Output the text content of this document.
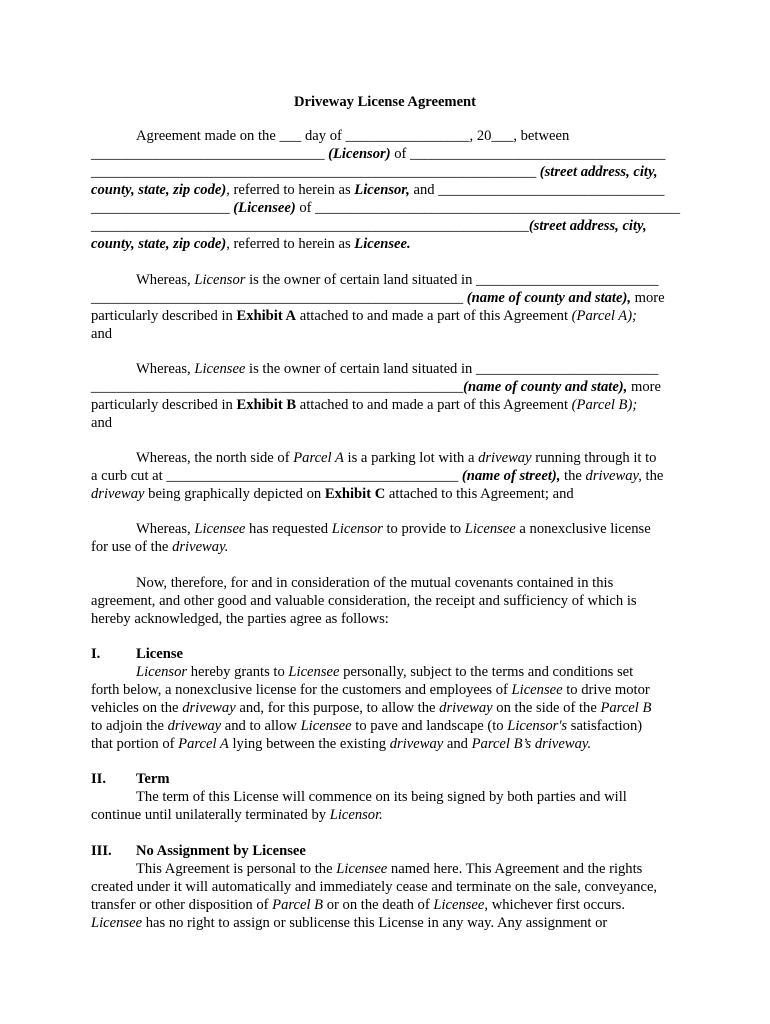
Driveway License Agreement
Agreement made on the ___ day of _________________, 20___, between
________________________________ (Licensor) of ___________________________________
_____________________________________________________________ (street address, city,
county, state, zip code), referred to herein as Licensor, and _______________________________
___________________ (Licensee) of __________________________________________________
____________________________________________________________(street address, city,
county, state, zip code), referred to herein as Licensee.
Whereas, Licensor is the owner of certain land situated in _________________________
___________________________________________________ (name of county and state), more
particularly described in Exhibit A attached to and made a part of this Agreement (Parcel A);
and
Whereas, Licensee is the owner of certain land situated in _________________________
___________________________________________________(name of county and state), more
particularly described in Exhibit B attached to and made a part of this Agreement (Parcel B);
and
Whereas, the north side of Parcel A is a parking lot with a driveway running through it to
a curb cut at ________________________________________ (name of street), the driveway, the
driveway being graphically depicted on Exhibit C attached to this Agreement; and
Whereas, Licensee has requested Licensor to provide to Licensee a nonexclusive license
for use of the driveway.
Now, therefore, for and in consideration of the mutual covenants contained in this
agreement, and other good and valuable consideration, the receipt and sufficiency of which is
hereby acknowledged, the parties agree as follows:
I. License
Licensor hereby grants to Licensee personally, subject to the terms and conditions set
forth below, a nonexclusive license for the customers and employees of Licensee to drive motor
vehicles on the driveway and, for this purpose, to allow the driveway on the side of the Parcel B
to adjoin the driveway and to allow Licensee to pave and landscape (to Licensor's satisfaction)
that portion of Parcel A lying between the existing driveway and Parcel B’s driveway.
II. Term
The term of this License will commence on its being signed by both parties and will
continue until unilaterally terminated by Licensor.
III. No Assignment by Licensee
This Agreement is personal to the Licensee named here. This Agreement and the rights
created under it will automatically and immediately cease and terminate on the sale, conveyance,
transfer or other disposition of Parcel B or on the death of Licensee, whichever first occurs.
Licensee has no right to assign or sublicense this License in any way. Any assignment or
